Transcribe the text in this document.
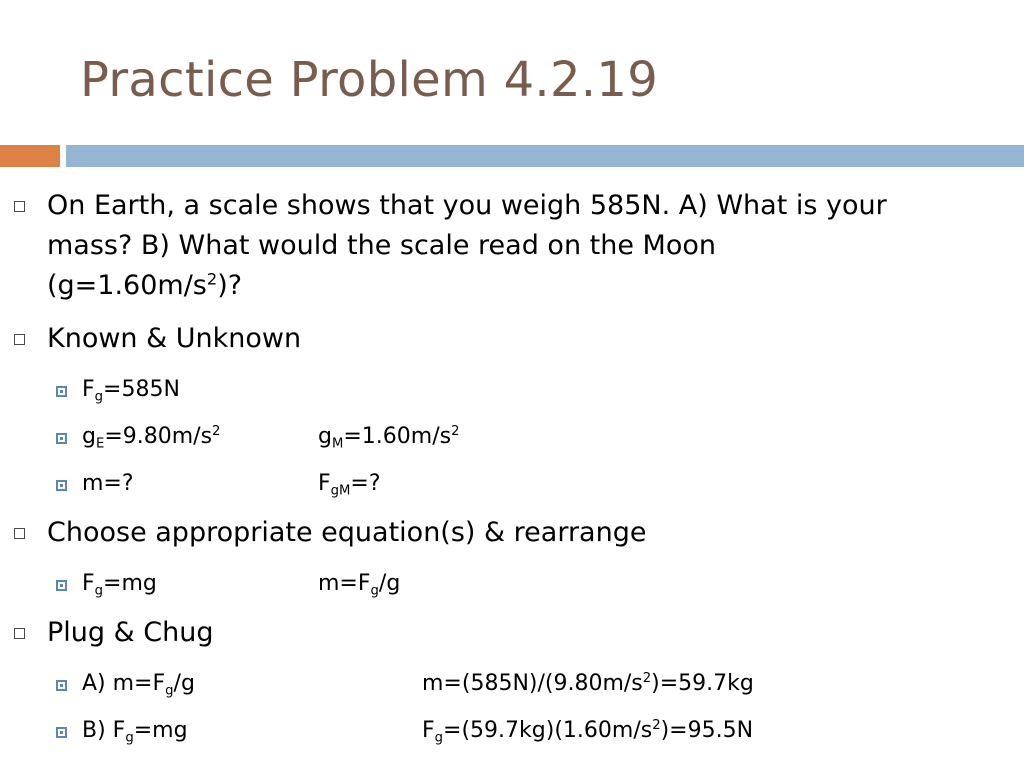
Practice Problem 4.2.19
On Earth, a scale shows that you weigh 585N. A) What is your
mass? B) What would the scale read on the Moon
$(g=1.60m/s^2)$?
Known & Unknown
$F_g=585N$
$g_E=9.80m/s^2$	$g_M=1.60m/s^2$
m=?	$F_{gM}=$?
Choose appropriate equation(s) & rearrange
$F_g=mg$	$m=F_g/g$
Plug & Chug
A) $m=F_g/g$	$m=(585N)/(9.80m/s^2)=59.7kg$
B) $F_g=mg$	$F_g=(59.7kg)(1.60m/s^2)=95.5N$
